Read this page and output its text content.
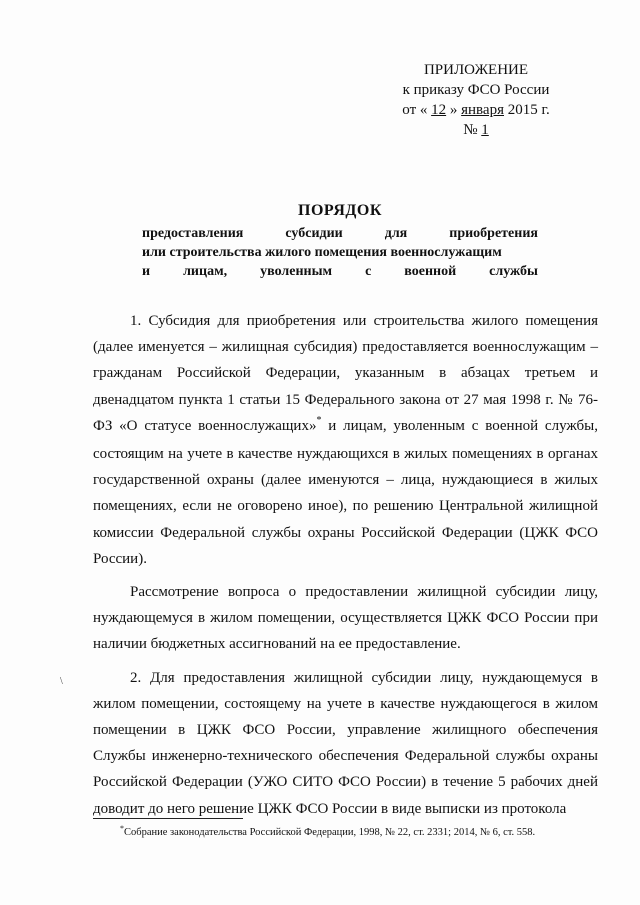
ПРИЛОЖЕНИЕ
к приказу ФСО России
от « 12 » января 2015 г.
№ 1
ПОРЯДОК
предоставления	субсидии	для	приобретения
или строительства жилого помещения военнослужащим
и лицам, уволенным с военной службы

1. Субсидия для приобретения или строительства жилого помещения (далее именуется – жилищная субсидия) предоставляется военнослужащим – гражданам Российской Федерации, указанным в абзацах третьем и двенадцатом пункта 1 статьи 15 Федерального закона от 27 мая 1998 г. № 76-ФЗ «О статусе военнослужащих»* и лицам, уволенным с военной службы, состоящим на учете в качестве нуждающихся в жилых помещениях в органах государственной охраны (далее именуются – лица, нуждающиеся в жилых помещениях, если не оговорено иное), по решению Центральной жилищной комиссии Федеральной службы охраны Российской Федерации (ЦЖК ФСО России).

Рассмотрение вопроса о предоставлении жилищной субсидии лицу, нуждающемуся в жилом помещении, осуществляется ЦЖК ФСО России при наличии бюджетных ассигнований на ее предоставление.

2. Для предоставления жилищной субсидии лицу, нуждающемуся в жилом помещении, состоящему на учете в качестве нуждающегося в жилом помещении в ЦЖК ФСО России, управление жилищного обеспечения Службы инженерно-технического обеспечения Федеральной службы охраны Российской Федерации (УЖО СИТО ФСО России) в течение 5 рабочих дней доводит до него решение ЦЖК ФСО России в виде выписки из протокола

\
*Собрание законодательства Российской Федерации, 1998, № 22, ст. 2331; 2014, № 6, ст. 558.
